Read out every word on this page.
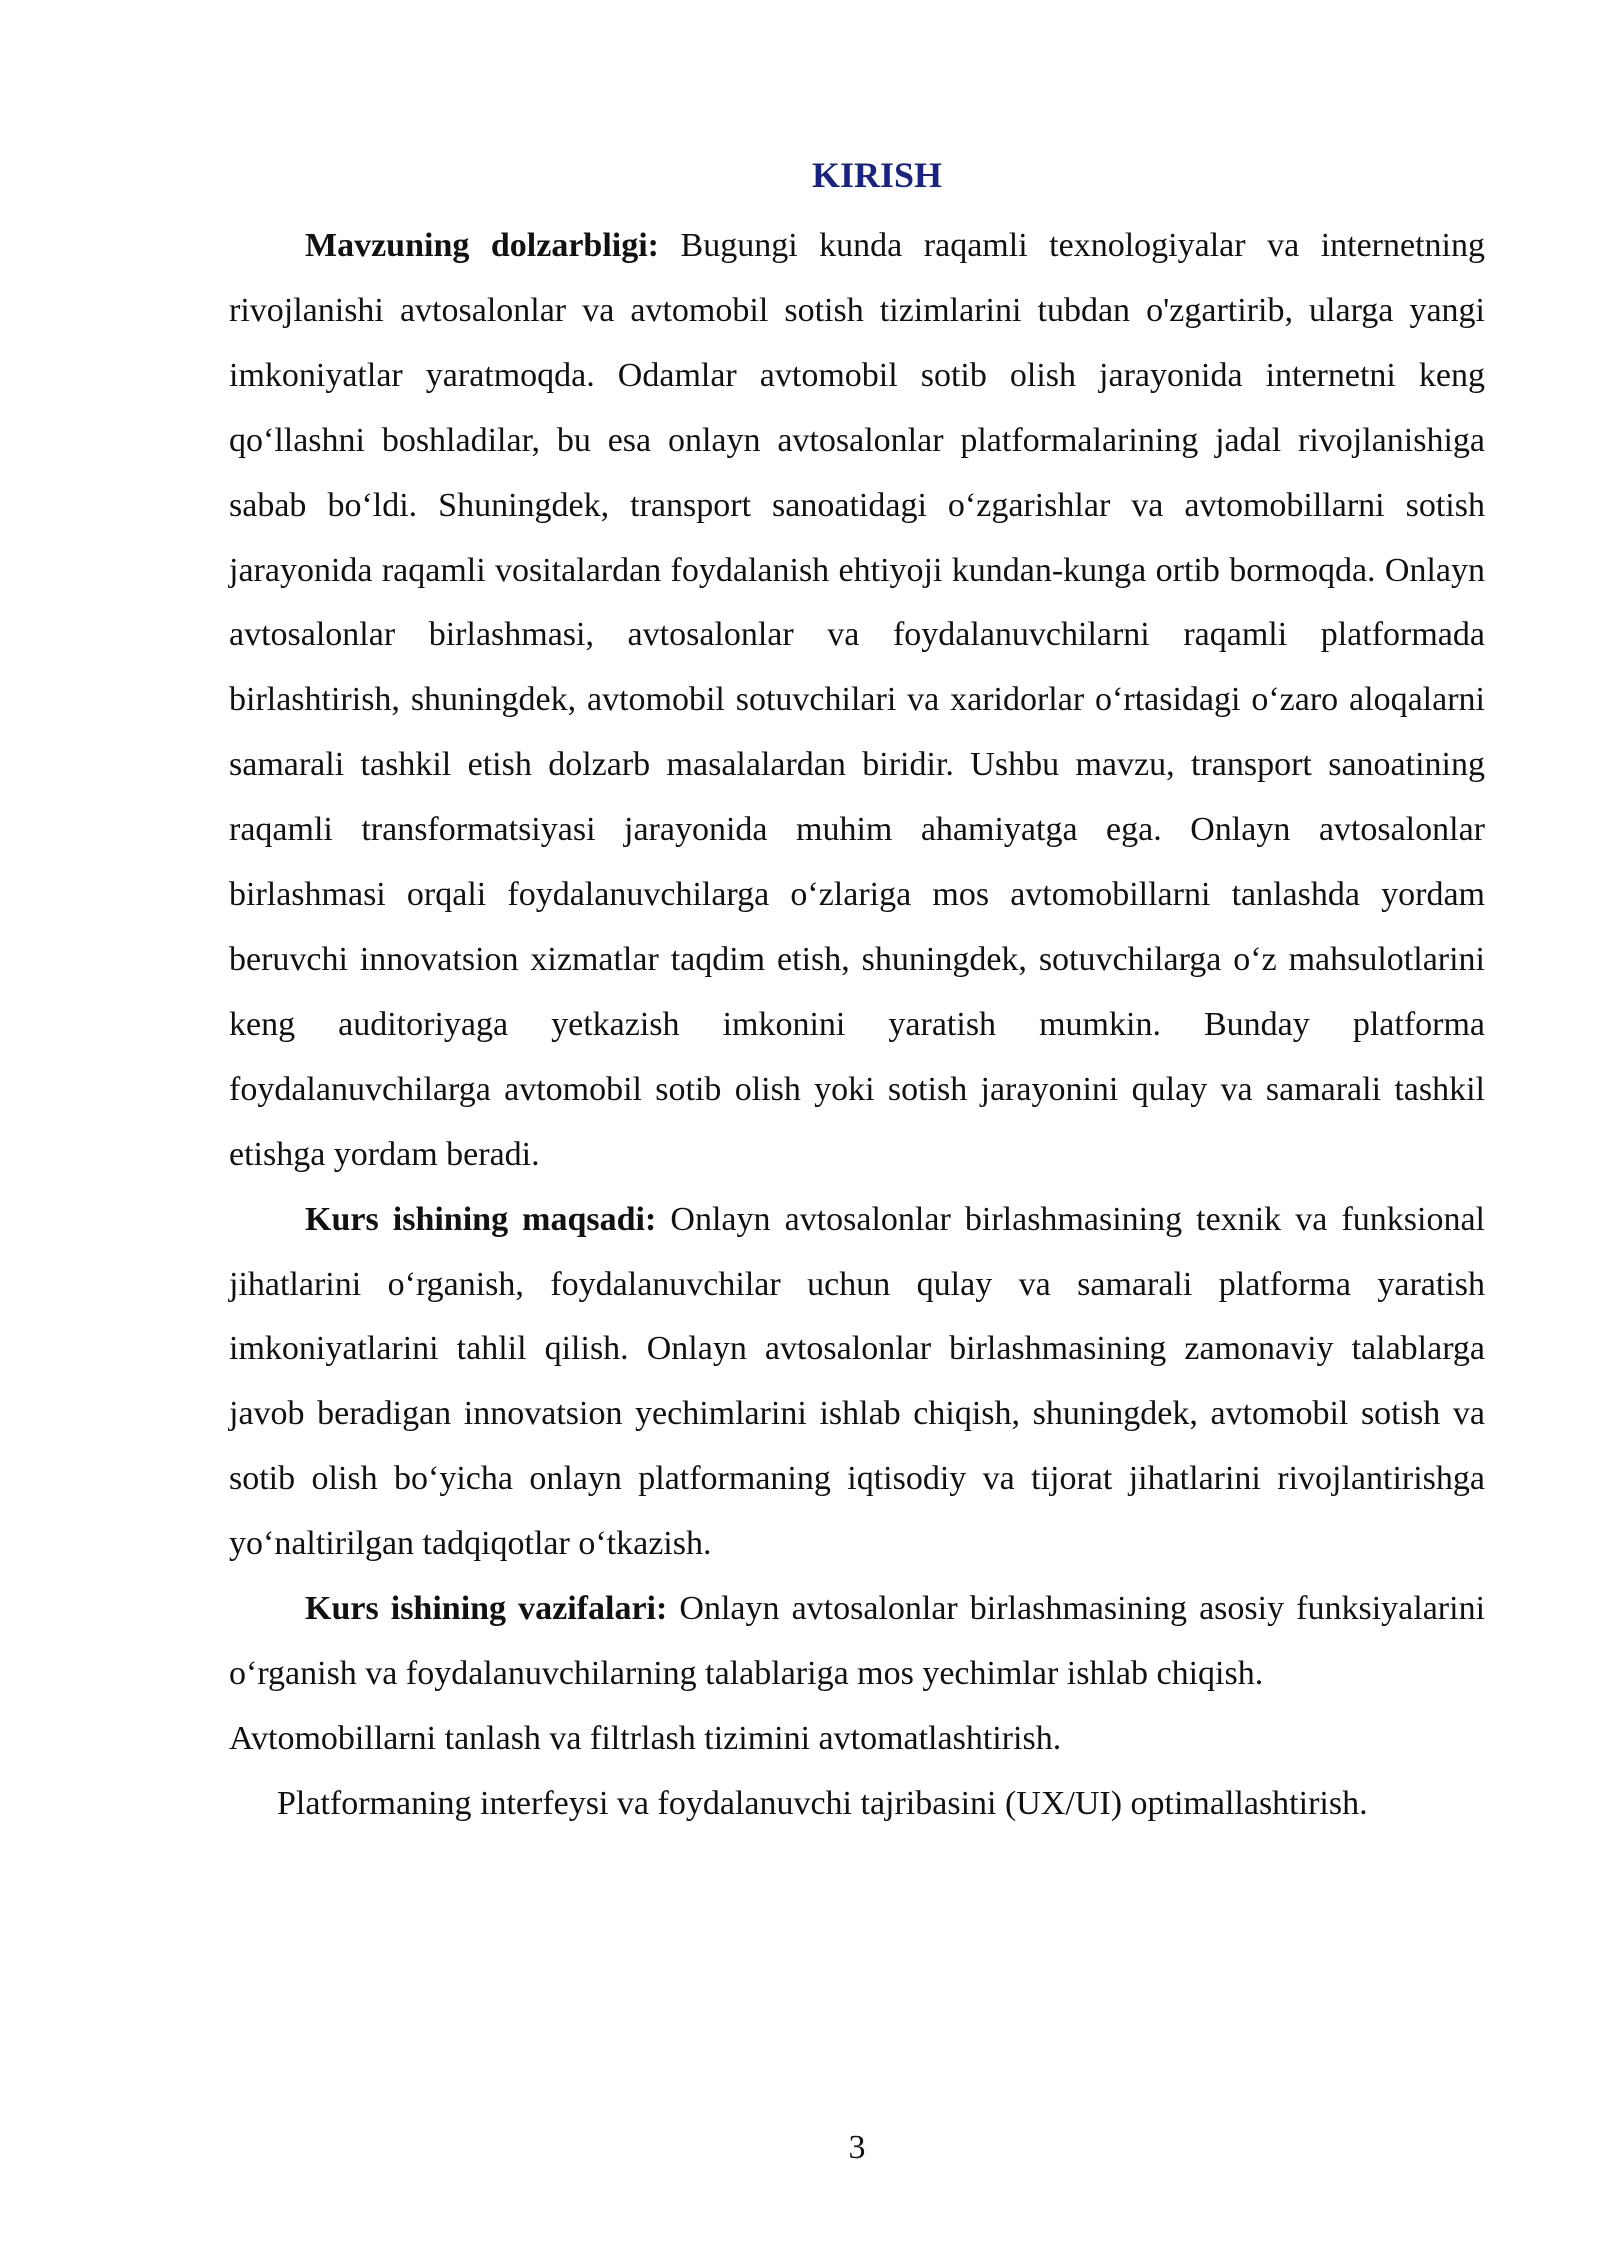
KIRISH

Mavzuning dolzarbligi: Bugungi kunda raqamli texnologiyalar va internetning rivojlanishi avtosalonlar va avtomobil sotish tizimlarini tubdan o'zgartirib, ularga yangi imkoniyatlar yaratmoqda. Odamlar avtomobil sotib olish jarayonida internetni keng qo‘llashni boshladilar, bu esa onlayn avtosalonlar platformalarining jadal rivojlanishiga sabab bo‘ldi. Shuningdek, transport sanoatidagi o‘zgarishlar va avtomobillarni sotish jarayonida raqamli vositalardan foydalanish ehtiyoji kundan-kunga ortib bormoqda. Onlayn avtosalonlar birlashmasi, avtosalonlar va foydalanuvchilarni raqamli platformada birlashtirish, shuningdek, avtomobil sotuvchilari va xaridorlar o‘rtasidagi o‘zaro aloqalarni samarali tashkil etish dolzarb masalalardan biridir. Ushbu mavzu, transport sanoatining raqamli transformatsiyasi jarayonida muhim ahamiyatga ega. Onlayn avtosalonlar birlashmasi orqali foydalanuvchilarga o‘zlariga mos avtomobillarni tanlashda yordam beruvchi innovatsion xizmatlar taqdim etish, shuningdek, sotuvchilarga o‘z mahsulotlarini keng auditoriyaga yetkazish imkonini yaratish mumkin. Bunday platforma foydalanuvchilarga avtomobil sotib olish yoki sotish jarayonini qulay va samarali tashkil etishga yordam beradi.

Kurs ishining maqsadi: Onlayn avtosalonlar birlashmasining texnik va funksional jihatlarini o‘rganish, foydalanuvchilar uchun qulay va samarali platforma yaratish imkoniyatlarini tahlil qilish. Onlayn avtosalonlar birlashmasining zamonaviy talablarga javob beradigan innovatsion yechimlarini ishlab chiqish, shuningdek, avtomobil sotish va sotib olish bo‘yicha onlayn platformaning iqtisodiy va tijorat jihatlarini rivojlantirishga yo‘naltirilgan tadqiqotlar o‘tkazish.

Kurs ishining vazifalari: Onlayn avtosalonlar birlashmasining asosiy funksiyalarini o‘rganish va foydalanuvchilarning talablariga mos yechimlar ishlab chiqish.

Avtomobillarni tanlash va filtrlash tizimini avtomatlashtirish.

Platformaning interfeysi va foydalanuvchi tajribasini (UX/UI) optimallashtirish.

3
